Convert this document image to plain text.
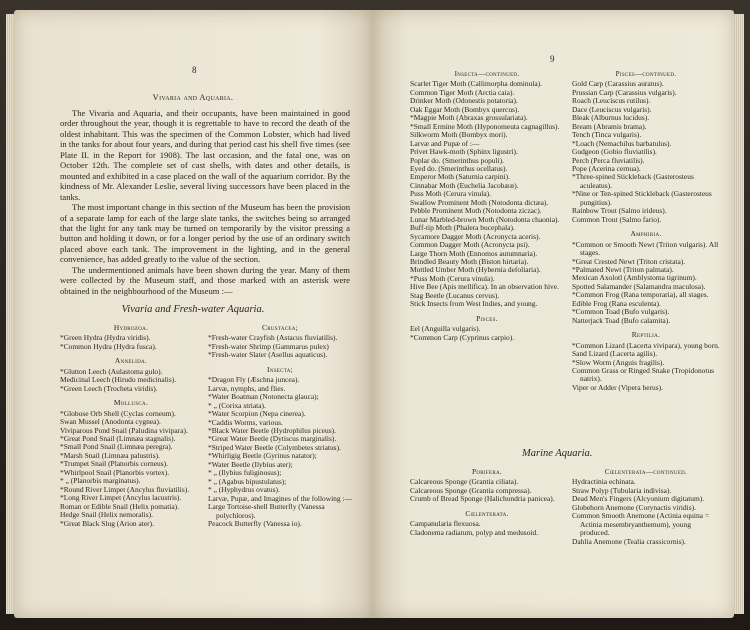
8
Vivaria and Aquaria.

The Vivaria and Aquaria, and their occupants, have been maintained in good order throughout the year, though it is regrettable to have to record the death of the oldest inhabitant. This was the specimen of the Common Lobster, which had lived in the tanks for about four years, and during that period cast his shell five times (see Plate II. in the Report for 1908). The last occasion, and the fatal one, was on October 12th. The complete set of cast shells, with dates and other details, is mounted and exhibited in a case placed on the wall of the aquarium corridor. By the kindness of Mr. Alexander Leslie, several living successors have been placed in the tanks.

The most important change in this section of the Museum has been the provision of a separate lamp for each of the large slate tanks, the switches being so arranged that the light for any tank may be turned on temporarily by the visitor pressing a button and holding it down, or for a longer period by the use of an ordinary switch placed above each tank. The improvement in the lighting, and in the general convenience, has added greatly to the value of the section.

The undermentioned animals have been shown during the year. Many of them were collected by the Museum staff, and those marked with an asterisk were obtained in the neighbourhood of the Museum :—

Vivaria and Fresh-water Aquaria.
Hydrozoa.
*Green Hydra (Hydra viridis).
*Common Hydra (Hydra fusca).
Annelida.
*Glutton Leech (Aulastoma gulo).
Medicinal Leech (Hirudo medicinalis).
*Green Leech (Trocheta viridis).
Mollusca.
*Globose Orb Shell (Cyclas corneum).
Swan Mussel (Anodonta cygnea).
Viviparous Pond Snail (Paludina vivipara).
*Great Pond Snail (Limnæa stagnalis).
*Small Pond Snail (Limnæa peregra).
*Marsh Snail (Limnæa palustris).
*Trumpet Snail (Planorbis corneus).
*Whirlpool Snail (Planorbis vortex).
* „ (Planorbis marginatus).
*Round River Limpet (Ancylus fluviatilis).
*Long River Limpet (Ancylus lacustris).
Roman or Edible Snail (Helix pomatia).
Hedge Snail (Helix nemoralis).
*Great Black Slug (Arion ater).
Crustacea;
*Fresh-water Crayfish (Astacus fluviatilis).
*Fresh-water Shrimp (Gammarus pulex)
*Fresh-water Slater (Asellus aquaticus).
Insecta;
*Dragon Fly (Æschna juncea).
Larvæ, nymphs, and flies.
*Water Boatman (Notonecta glauca);
* „ (Corixa striata).
*Water Scorpion (Nepa cinerea).
*Caddis Worms, various.
*Black Water Beetle (Hydrophilus piceus).
*Great Water Beetle (Dytiscus marginalis).
*Striped Water Beetle (Colymbetes striatus).
*Whirligig Beetle (Gyrinus natator);
*Water Beetle (Ilybius ater);
* „ (Ilybius fuliginosus);
* „ (Agabus bipustulatus);
* „ (Hyphydrus ovatus).
Larvæ, Pupæ, and Imagines of the following :—
Large Tortoise-shell Butterfly (Vanessa polychloros).
Peacock Butterfly (Vanessa io).
9
Insecta—continued.
Scarlet Tiger Moth (Callimorpha dominula).
Common Tiger Moth (Arctia caia).
Drinker Moth (Odonestis potatoria).
Oak Eggar Moth (Bombyx quercus).
*Magpie Moth (Abraxas grossulariata).
*Small Ermine Moth (Hyponomeuta cagnagillus).
Silkworm Moth (Bombyx mori).
Larvæ and Pupæ of :—
Privet Hawk-moth (Sphinx ligustri).
Poplar do. (Smerinthus populi).
Eyed do. (Smerinthus ocellatus).
Emperor Moth (Saturnia carpini).
Cinnabar Moth (Euchelia Jacobææ).
Puss Moth (Cerura vinula).
Swallow Prominent Moth (Notodonta dictæa).
Pebble Prominent Moth (Notodonta ziczac).
Lunar Marbled-brown Moth (Notodonta chaonia).
Buff-tip Moth (Phalera bucephala).
Sycamore Dagger Moth (Acronycta aceris).
Common Dagger Moth (Acronycta psi).
Large Thorn Moth (Ennomos autumnaria).
Brindled Beauty Moth (Biston hirtaria).
Mottled Umber Moth (Hybernia defoliaria).
*Puss Moth (Cerura vinula).
Hive Bee (Apis mellifica). In an observation hive.
Stag Beetle (Lucanus cervus).
Stick Insects from West Indies, and young.
Pisces.
Eel (Anguilla vulgaris).
*Common Carp (Cyprinus carpio).
Pisces—continued.
Gold Carp (Carassius auratus).
Prussian Carp (Carassius vulgaris).
Roach (Leuciscus rutilus).
Dace (Leuciscus vulgaris).
Bleak (Alburnus lucidus).
Bream (Abramis brama).
Tench (Tinca vulgaris).
*Loach (Nemachilus barbatulus).
Gudgeon (Gobio fluviatilis).
Perch (Perca fluviatilis).
Pope (Acerina cernua).
*Three-spined Stickleback (Gasterosteus aculeatus).
*Nine or Ten-spined Stickleback (Gasterosteus pungitius).
Rainbow Trout (Salmo irideus).
Common Trout (Salmo fario).
Amphibia.
*Common or Smooth Newt (Triton vulgaris). All stages.
*Great Crested Newt (Triton cristata).
*Palmated Newt (Triton palmata).
Mexican Axolotl (Amblystoma tigrinum).
Spotted Salamander (Salamandra maculosa).
*Common Frog (Rana temporaria), all stages.
Edible Frog (Rana esculenta).
*Common Toad (Bufo vulgaris).
Natterjack Toad (Bufo calamita).
Reptilia.
*Common Lizard (Lacerta vivipara), young born.
Sand Lizard (Lacerta agilis).
*Slow Worm (Anguis fragilis).
Common Grass or Ringed Snake (Tropidonotus natrix).
Viper or Adder (Vipera berus).
Marine Aquaria.
Porifera.
Calcareous Sponge (Grantia ciliata).
Calcareous Sponge (Grantia compressa).
Crumb of Bread Sponge (Halichondria panicea).
Cœlenterata.
Campanularia flexuosa.
Cladonema radiatum, polyp and medusoid.
Cœlenterata—continued.
Hydractinia echinata.
Straw Polyp (Tubularia indivisa).
Dead Men's Fingers (Alcyonium digitatum).
Globehorn Anemone (Corynactis viridis).
Common Smooth Anemone (Actinia equina = Actinia mesembryanthemum), young produced.
Dahlia Anemone (Tealia crassicornis).
